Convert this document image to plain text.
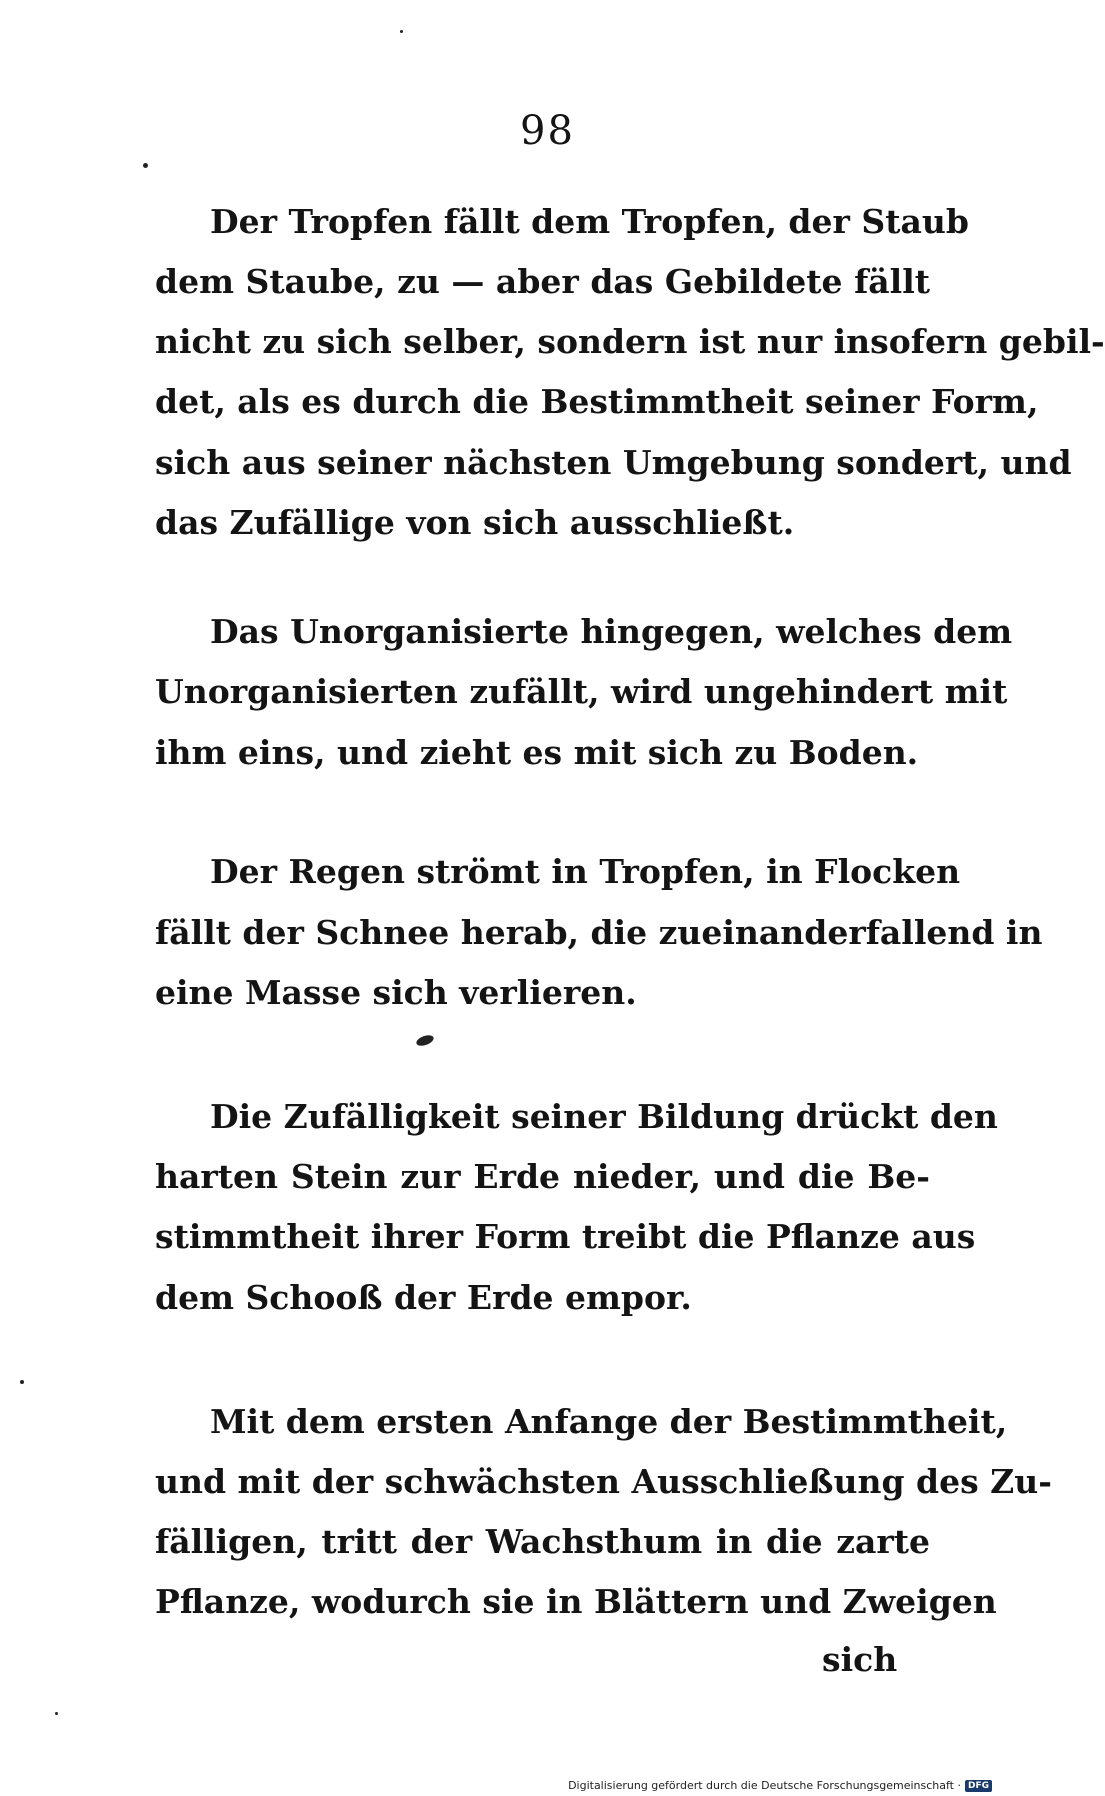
98
Der Tropfen fällt dem Tropfen, der Staub
dem Staube, zu — aber das Gebildete fällt
nicht zu sich selber, sondern ist nur insofern gebil-
det, als es durch die Bestimmtheit seiner Form,
sich aus seiner nächsten Umgebung sondert, und
das Zufällige von sich ausschließt.
Das Unorganisierte hingegen, welches dem
Unorganisierten zufällt, wird ungehindert mit
ihm eins, und zieht es mit sich zu Boden.
Der Regen strömt in Tropfen, in Flocken
fällt der Schnee herab, die zueinanderfallend in
eine Masse sich verlieren.
Die Zufälligkeit seiner Bildung drückt den
harten Stein zur Erde nieder, und die Be-
stimmtheit ihrer Form treibt die Pflanze aus
dem Schooß der Erde empor.
Mit dem ersten Anfange der Bestimmtheit,
und mit der schwächsten Ausschließung des Zu-
fälligen, tritt der Wachsthum in die zarte
Pflanze, wodurch sie in Blättern und Zweigen
sich
Digitalisierung gefördert durch die Deutsche Forschungsgemeinschaft · DFG
